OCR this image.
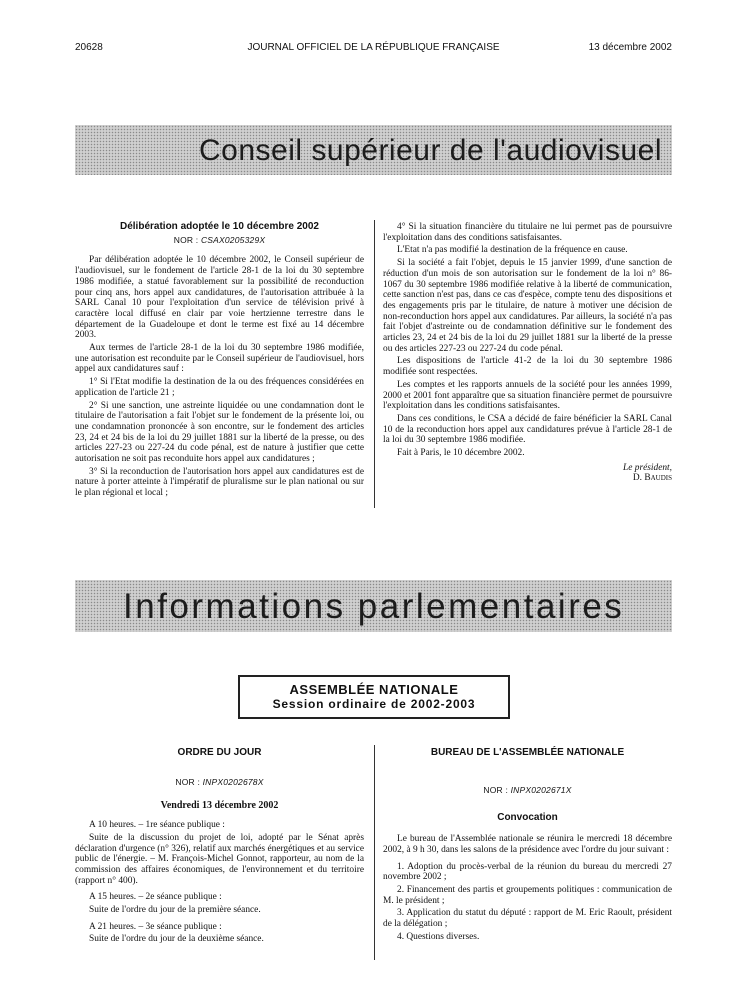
20628	JOURNAL OFFICIEL DE LA RÉPUBLIQUE FRANÇAISE	13 décembre 2002
Conseil supérieur de l'audiovisuel
Délibération adoptée le 10 décembre 2002
NOR : CSAX0205329X

Par délibération adoptée le 10 décembre 2002, le Conseil supérieur de l'audiovisuel, sur le fondement de l'article 28-1 de la loi du 30 septembre 1986 modifiée, a statué favorablement sur la possibilité de reconduction pour cinq ans, hors appel aux candidatures, de l'autorisation attribuée à la SARL Canal 10 pour l'exploitation d'un service de télévision privé à caractère local diffusé en clair par voie hertzienne terrestre dans le département de la Guadeloupe et dont le terme est fixé au 14 décembre 2003.

Aux termes de l'article 28-1 de la loi du 30 septembre 1986 modifiée, une autorisation est reconduite par le Conseil supérieur de l'audiovisuel, hors appel aux candidatures sauf :

1° Si l'Etat modifie la destination de la ou des fréquences considérées en application de l'article 21 ;

2° Si une sanction, une astreinte liquidée ou une condamnation dont le titulaire de l'autorisation a fait l'objet sur le fondement de la présente loi, ou une condamnation prononcée à son encontre, sur le fondement des articles 23, 24 et 24 bis de la loi du 29 juillet 1881 sur la liberté de la presse, ou des articles 227-23 ou 227-24 du code pénal, est de nature à justifier que cette autorisation ne soit pas reconduite hors appel aux candidatures ;

3° Si la reconduction de l'autorisation hors appel aux candidatures est de nature à porter atteinte à l'impératif de pluralisme sur le plan national ou sur le plan régional et local ;

4° Si la situation financière du titulaire ne lui permet pas de poursuivre l'exploitation dans des conditions satisfaisantes.

L'Etat n'a pas modifié la destination de la fréquence en cause.

Si la société a fait l'objet, depuis le 15 janvier 1999, d'une sanction de réduction d'un mois de son autorisation sur le fondement de la loi n° 86-1067 du 30 septembre 1986 modifiée relative à la liberté de communication, cette sanction n'est pas, dans ce cas d'espèce, compte tenu des dispositions et des engagements pris par le titulaire, de nature à motiver une décision de non-reconduction hors appel aux candidatures. Par ailleurs, la société n'a pas fait l'objet d'astreinte ou de condamnation définitive sur le fondement des articles 23, 24 et 24 bis de la loi du 29 juillet 1881 sur la liberté de la presse ou des articles 227-23 ou 227-24 du code pénal.

Les dispositions de l'article 41-2 de la loi du 30 septembre 1986 modifiée sont respectées.

Les comptes et les rapports annuels de la société pour les années 1999, 2000 et 2001 font apparaître que sa situation financière permet de poursuivre l'exploitation dans les conditions satisfaisantes.

Dans ces conditions, le CSA a décidé de faire bénéficier la SARL Canal 10 de la reconduction hors appel aux candidatures prévue à l'article 28-1 de la loi du 30 septembre 1986 modifiée.

Fait à Paris, le 10 décembre 2002.

Le président,
D. Baudis
Informations parlementaires
ASSEMBLÉE NATIONALE
Session ordinaire de 2002-2003
ORDRE DU JOUR
NOR : INPX0202678X
Vendredi 13 décembre 2002

A 10 heures. – 1re séance publique :

Suite de la discussion du projet de loi, adopté par le Sénat après déclaration d'urgence (n° 326), relatif aux marchés énergétiques et au service public de l'énergie. – M. François-Michel Gonnot, rapporteur, au nom de la commission des affaires économiques, de l'environnement et du territoire (rapport n° 400).

A 15 heures. – 2e séance publique :

Suite de l'ordre du jour de la première séance.

A 21 heures. – 3e séance publique :

Suite de l'ordre du jour de la deuxième séance.

BUREAU DE L'ASSEMBLÉE NATIONALE
NOR : INPX0202671X
Convocation

Le bureau de l'Assemblée nationale se réunira le mercredi 18 décembre 2002, à 9 h 30, dans les salons de la présidence avec l'ordre du jour suivant :

1. Adoption du procès-verbal de la réunion du bureau du mercredi 27 novembre 2002 ;

2. Financement des partis et groupements politiques : communication de M. le président ;

3. Application du statut du député : rapport de M. Eric Raoult, président de la délégation ;

4. Questions diverses.
